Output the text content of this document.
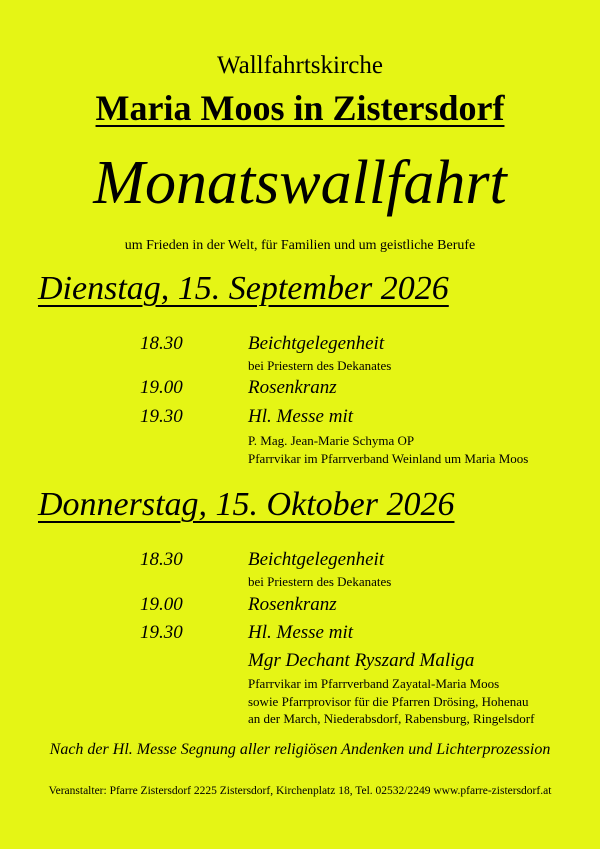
Wallfahrtskirche
Maria Moos in Zistersdorf
Monatswallfahrt
um Frieden in der Welt, für Familien und um geistliche Berufe
Dienstag, 15. September 2026
18.30	Beichtgelegenheit
bei Priestern des Dekanates
19.00	Rosenkranz
19.30	Hl. Messe mit
P. Mag. Jean-Marie Schyma OP
Pfarrvikar im Pfarrverband Weinland um Maria Moos
Donnerstag, 15. Oktober 2026
18.30	Beichtgelegenheit
bei Priestern des Dekanates
19.00	Rosenkranz
19.30	Hl. Messe mit
Mgr Dechant Ryszard Maliga
Pfarrvikar im Pfarrverband Zayatal-Maria Moos
sowie Pfarrprovisor für die Pfarren Drösing, Hohenau
an der March, Niederabsdorf, Rabensburg, Ringelsdorf
Nach der Hl. Messe Segnung aller religiösen Andenken und Lichterprozession
Veranstalter: Pfarre Zistersdorf 2225 Zistersdorf, Kirchenplatz 18, Tel. 02532/2249 www.pfarre-zistersdorf.at
